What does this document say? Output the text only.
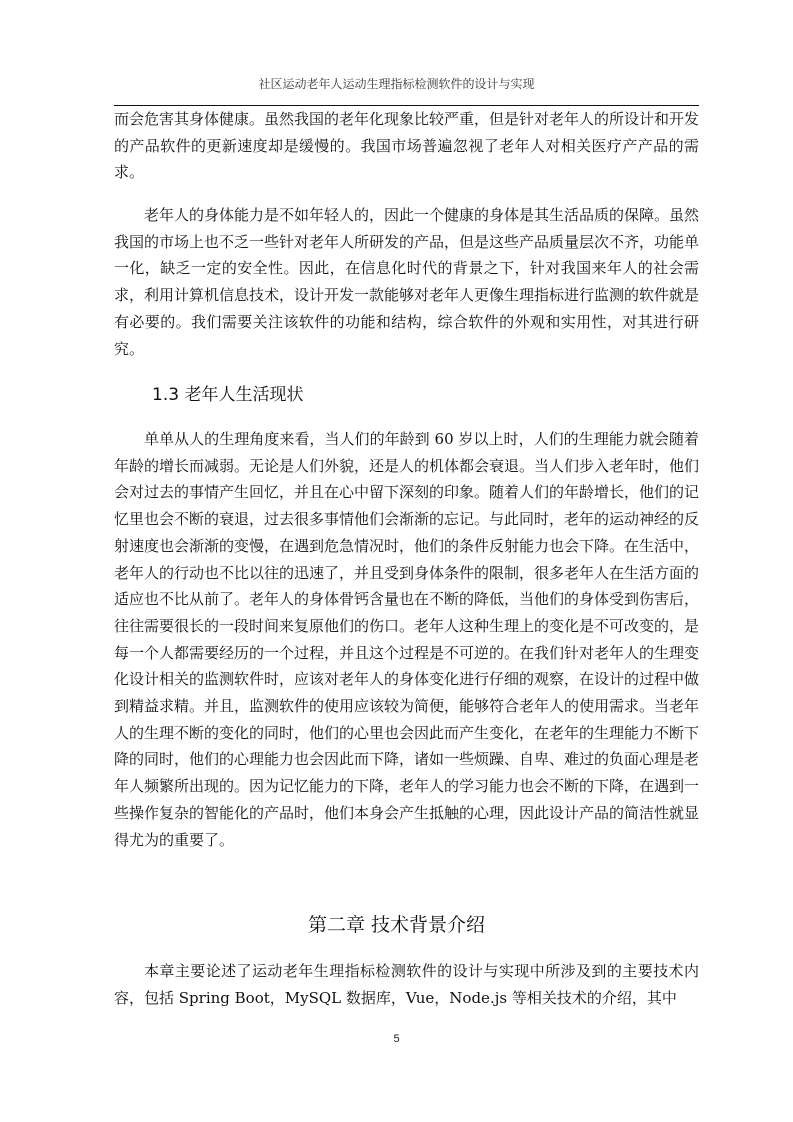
社区运动老年人运动生理指标检测软件的设计与实现

而会危害其身体健康。虽然我国的老年化现象比较严重，但是针对老年人的所设计和开发的产品软件的更新速度却是缓慢的。我国市场普遍忽视了老年人对相关医疗产产品的需求。

老年人的身体能力是不如年轻人的，因此一个健康的身体是其生活品质的保障。虽然我国的市场上也不乏一些针对老年人所研发的产品，但是这些产品质量层次不齐，功能单一化，缺乏一定的安全性。因此，在信息化时代的背景之下，针对我国来年人的社会需求，利用计算机信息技术，设计开发一款能够对老年人更像生理指标进行监测的软件就是有必要的。我们需要关注该软件的功能和结构，综合软件的外观和实用性，对其进行研究。

1.3 老年人生活现状

单单从人的生理角度来看，当人们的年龄到 60 岁以上时，人们的生理能力就会随着年龄的增长而减弱。无论是人们外貌，还是人的机体都会衰退。当人们步入老年时，他们会对过去的事情产生回忆，并且在心中留下深刻的印象。随着人们的年龄增长，他们的记忆里也会不断的衰退，过去很多事情他们会渐渐的忘记。与此同时，老年的运动神经的反射速度也会渐渐的变慢，在遇到危急情况时，他们的条件反射能力也会下降。在生活中，老年人的行动也不比以往的迅速了，并且受到身体条件的限制，很多老年人在生活方面的适应也不比从前了。老年人的身体骨钙含量也在不断的降低，当他们的身体受到伤害后，往往需要很长的一段时间来复原他们的伤口。老年人这种生理上的变化是不可改变的，是每一个人都需要经历的一个过程，并且这个过程是不可逆的。在我们针对老年人的生理变化设计相关的监测软件时，应该对老年人的身体变化进行仔细的观察，在设计的过程中做到精益求精。并且，监测软件的使用应该较为简便，能够符合老年人的使用需求。当老年人的生理不断的变化的同时，他们的心里也会因此而产生变化，在老年的生理能力不断下降的同时，他们的心理能力也会因此而下降，诸如一些烦躁、自卑、难过的负面心理是老年人频繁所出现的。因为记忆能力的下降，老年人的学习能力也会不断的下降，在遇到一些操作复杂的智能化的产品时，他们本身会产生抵触的心理，因此设计产品的简洁性就显得尤为的重要了。

第二章 技术背景介绍

本章主要论述了运动老年生理指标检测软件的设计与实现中所涉及到的主要技术内容，包括 Spring Boot，MySQL 数据库，Vue，Node.js 等相关技术的介绍，其中

5
